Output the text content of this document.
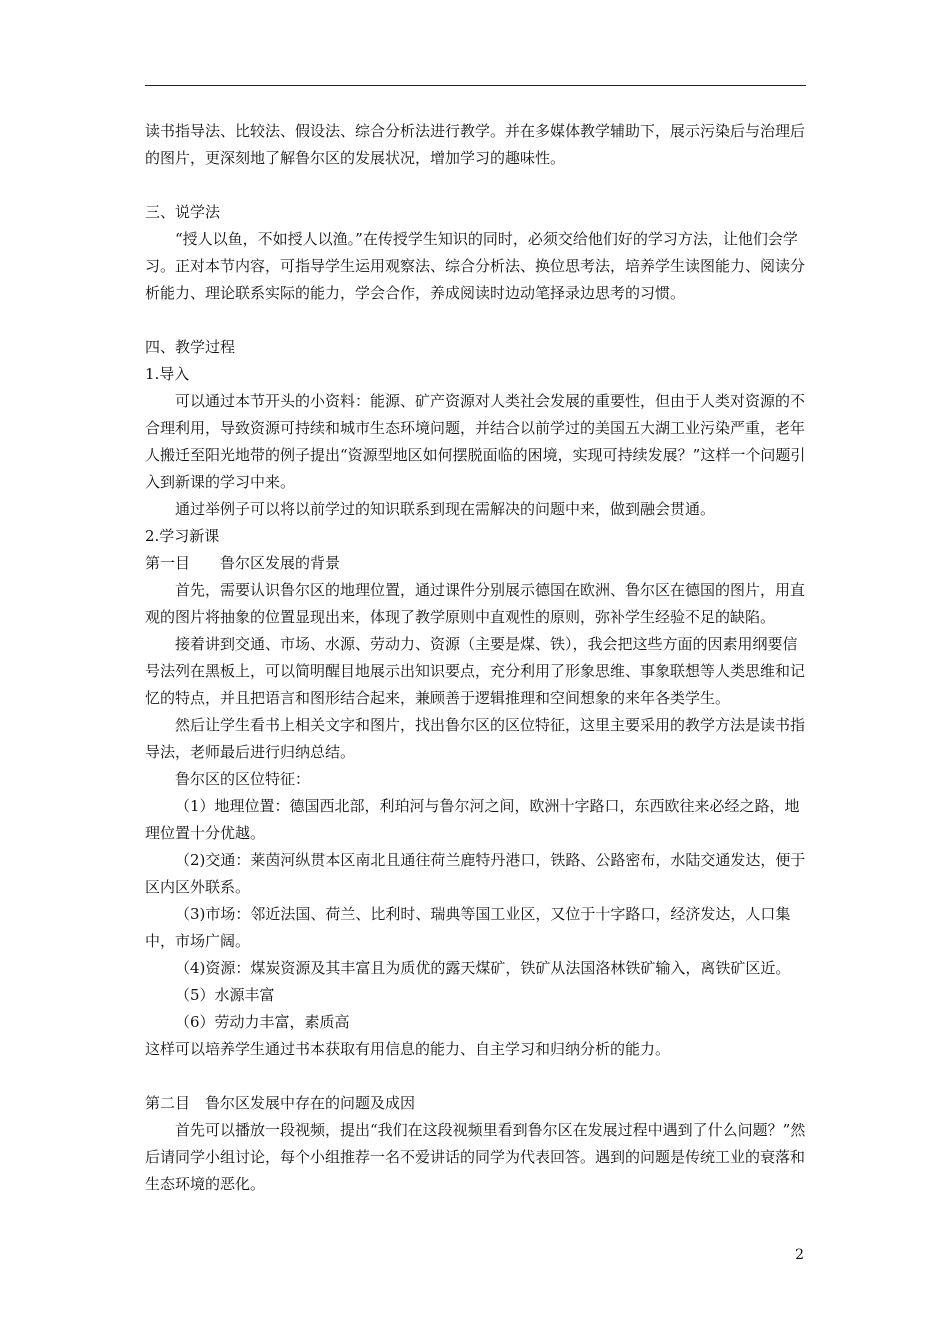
读书指导法、比较法、假设法、综合分析法进行教学。并在多媒体教学辅助下，展示污染后与治理后的图片，更深刻地了解鲁尔区的发展状况，增加学习的趣味性。

三、说学法

“授人以鱼，不如授人以渔。”在传授学生知识的同时，必须交给他们好的学习方法，让他们会学习。正对本节内容，可指导学生运用观察法、综合分析法、换位思考法，培养学生读图能力、阅读分析能力、理论联系实际的能力，学会合作，养成阅读时边动笔择录边思考的习惯。

四、教学过程

1.导入

可以通过本节开头的小资料：能源、矿产资源对人类社会发展的重要性，但由于人类对资源的不合理利用，导致资源可持续和城市生态环境问题，并结合以前学过的美国五大湖工业污染严重，老年人搬迁至阳光地带的例子提出“资源型地区如何摆脱面临的困境，实现可持续发展？”这样一个问题引入到新课的学习中来。

通过举例子可以将以前学过的知识联系到现在需解决的问题中来，做到融会贯通。

2.学习新课

第一目　　鲁尔区发展的背景

首先，需要认识鲁尔区的地理位置，通过课件分别展示德国在欧洲、鲁尔区在德国的图片，用直观的图片将抽象的位置显现出来，体现了教学原则中直观性的原则，弥补学生经验不足的缺陷。

接着讲到交通、市场、水源、劳动力、资源（主要是煤、铁），我会把这些方面的因素用纲要信号法列在黑板上，可以简明醒目地展示出知识要点，充分利用了形象思维、事象联想等人类思维和记忆的特点，并且把语言和图形结合起来，兼顾善于逻辑推理和空间想象的来年各类学生。

然后让学生看书上相关文字和图片，找出鲁尔区的区位特征，这里主要采用的教学方法是读书指导法，老师最后进行归纳总结。

鲁尔区的区位特征：

（1）地理位置：德国西北部，利珀河与鲁尔河之间，欧洲十字路口，东西欧往来必经之路，地理位置十分优越。

（2)交通：莱茵河纵贯本区南北且通往荷兰鹿特丹港口，铁路、公路密布，水陆交通发达，便于区内区外联系。

（3)市场：邻近法国、荷兰、比利时、瑞典等国工业区，又位于十字路口，经济发达，人口集中，市场广阔。

（4)资源：煤炭资源及其丰富且为质优的露天煤矿，铁矿从法国洛林铁矿输入，离铁矿区近。

（5）水源丰富

（6）劳动力丰富，素质高

这样可以培养学生通过书本获取有用信息的能力、自主学习和归纳分析的能力。

第二目　鲁尔区发展中存在的问题及成因

首先可以播放一段视频，提出“我们在这段视频里看到鲁尔区在发展过程中遇到了什么问题？”然后请同学小组讨论，每个小组推荐一名不爱讲话的同学为代表回答。遇到的问题是传统工业的衰落和生态环境的恶化。

2
